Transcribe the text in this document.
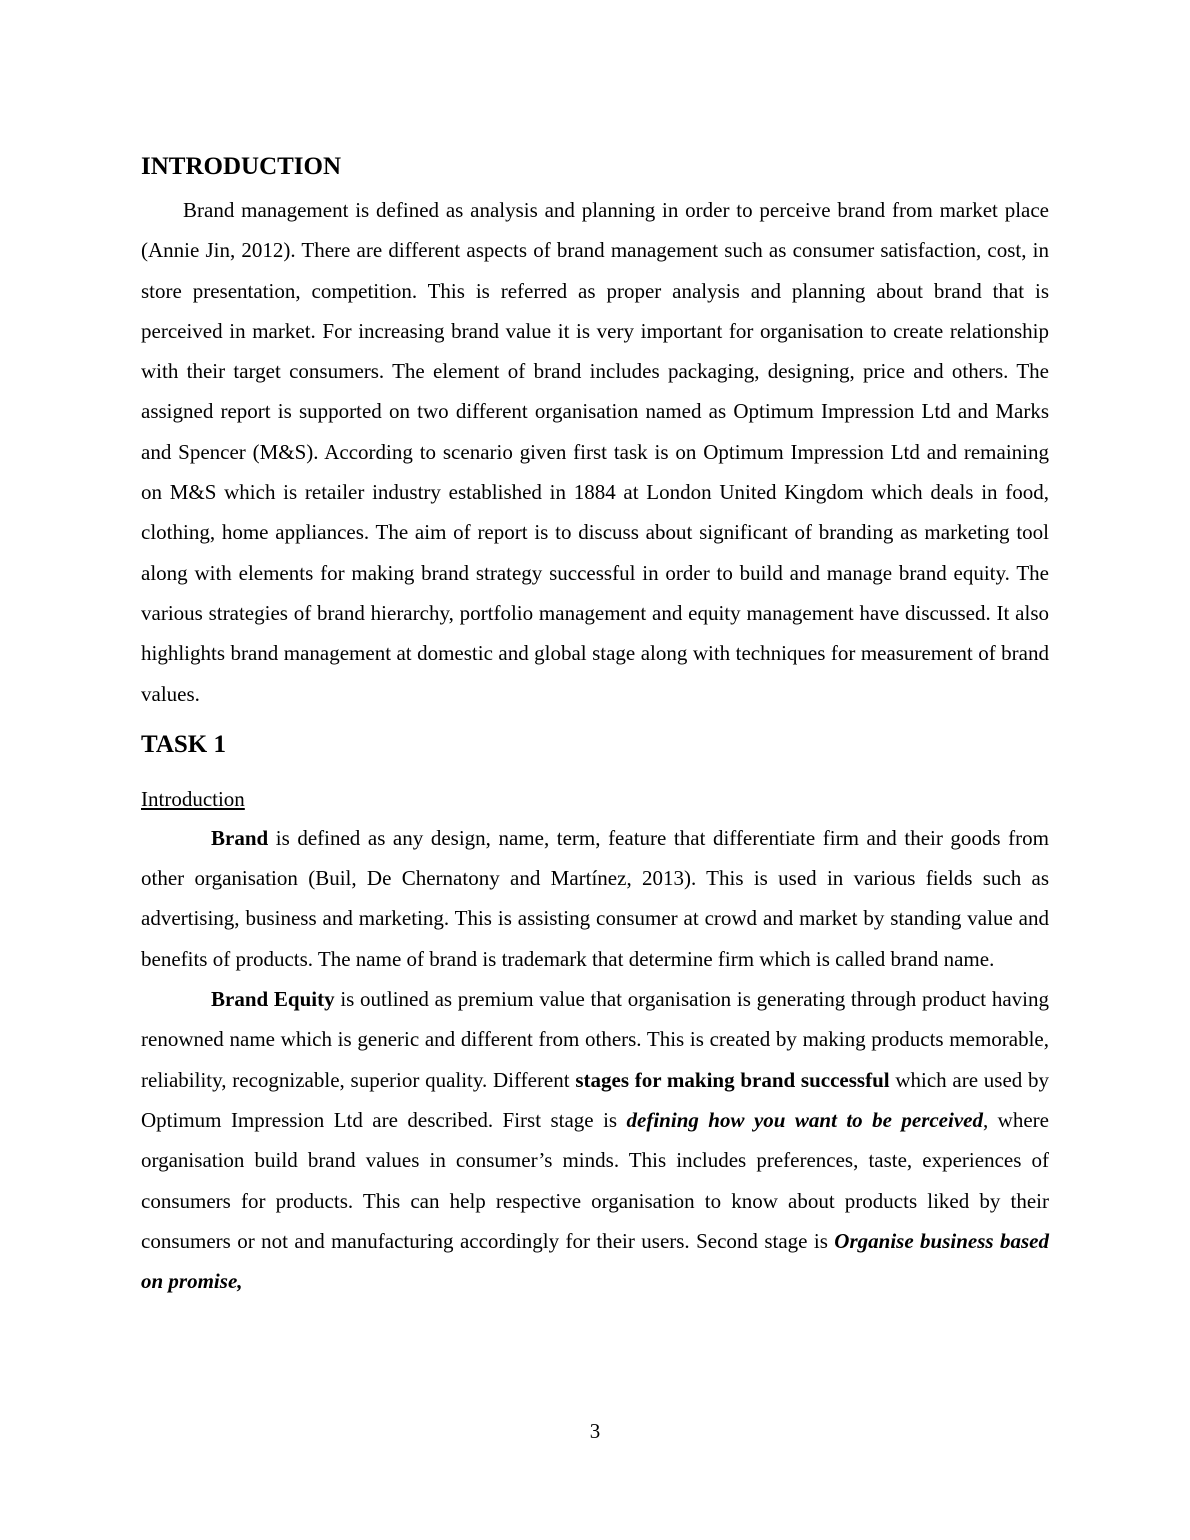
INTRODUCTION

Brand management is defined as analysis and planning in order to perceive brand from market place (Annie Jin, 2012). There are different aspects of brand management such as consumer satisfaction, cost, in store presentation, competition. This is referred as proper analysis and planning about brand that is perceived in market. For increasing brand value it is very important for organisation to create relationship with their target consumers. The element of brand includes packaging, designing, price and others. The assigned report is supported on two different organisation named as Optimum Impression Ltd and Marks and Spencer (M&S). According to scenario given first task is on Optimum Impression Ltd and remaining on M&S which is retailer industry established in 1884 at London United Kingdom which deals in food, clothing, home appliances. The aim of report is to discuss about significant of branding as marketing tool along with elements for making brand strategy successful in order to build and manage brand equity. The various strategies of brand hierarchy, portfolio management and equity management have discussed. It also highlights brand management at domestic and global stage along with techniques for measurement of brand values.

TASK 1

Introduction

Brand is defined as any design, name, term, feature that differentiate firm and their goods from other organisation (Buil, De Chernatony and Martínez, 2013). This is used in various fields such as advertising, business and marketing. This is assisting consumer at crowd and market by standing value and benefits of products. The name of brand is trademark that determine firm which is called brand name.

Brand Equity is outlined as premium value that organisation is generating through product having renowned name which is generic and different from others. This is created by making products memorable, reliability, recognizable, superior quality. Different stages for making brand successful which are used by Optimum Impression Ltd are described. First stage is defining how you want to be perceived, where organisation build brand values in consumer’s minds. This includes preferences, taste, experiences of consumers for products. This can help respective organisation to know about products liked by their consumers or not and manufacturing accordingly for their users. Second stage is Organise business based on promise,

3
